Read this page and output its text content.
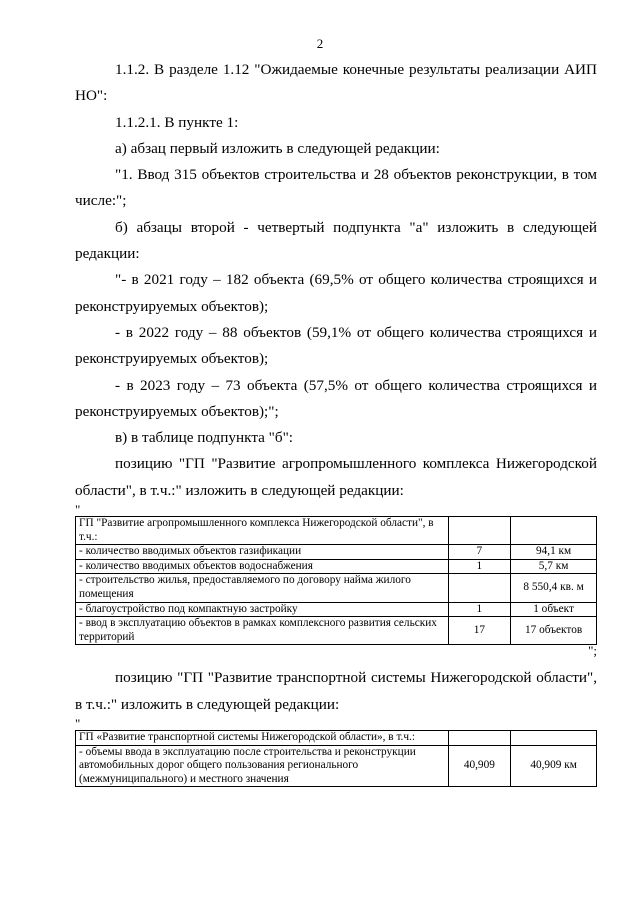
2

1.1.2. В разделе 1.12 "Ожидаемые конечные результаты реализации АИП НО":

1.1.2.1. В пункте 1:

а) абзац первый изложить в следующей редакции:

"1. Ввод 315 объектов строительства и 28 объектов реконструкции, в том числе:";

б) абзацы второй - четвертый подпункта "а" изложить в следующей редакции:

"- в 2021 году – 182 объекта (69,5% от общего количества строящихся и реконструируемых объектов);

- в 2022 году – 88 объектов (59,1% от общего количества строящихся и реконструируемых объектов);

- в 2023 году – 73 объекта (57,5% от общего количества строящихся и реконструируемых объектов);";

в) в таблице подпункта "б":

позицию "ГП "Развитие агропромышленного комплекса Нижегородской области", в т.ч.:" изложить в следующей редакции:

"

ГП "Развитие агропромышленного комплекса Нижегородской области", в т.ч.:		
- количество вводимых объектов газификации	7	94,1 км
- количество вводимых объектов водоснабжения	1	5,7 км
- строительство жилья, предоставляемого по договору найма жилого помещения		8 550,4 кв. м
- благоустройство под компактную застройку	1	1 объект
- ввод в эксплуатацию объектов в рамках комплексного развития сельских территорий	17	17 объектов

";

позицию "ГП "Развитие транспортной системы Нижегородской области", в т.ч.:" изложить в следующей редакции:

"

ГП «Развитие транспортной системы Нижегородской области», в т.ч.:		
- объемы ввода в эксплуатацию после строительства и реконструкции автомобильных дорог общего пользования регионального (межмуниципального) и местного значения	40,909	40,909 км
